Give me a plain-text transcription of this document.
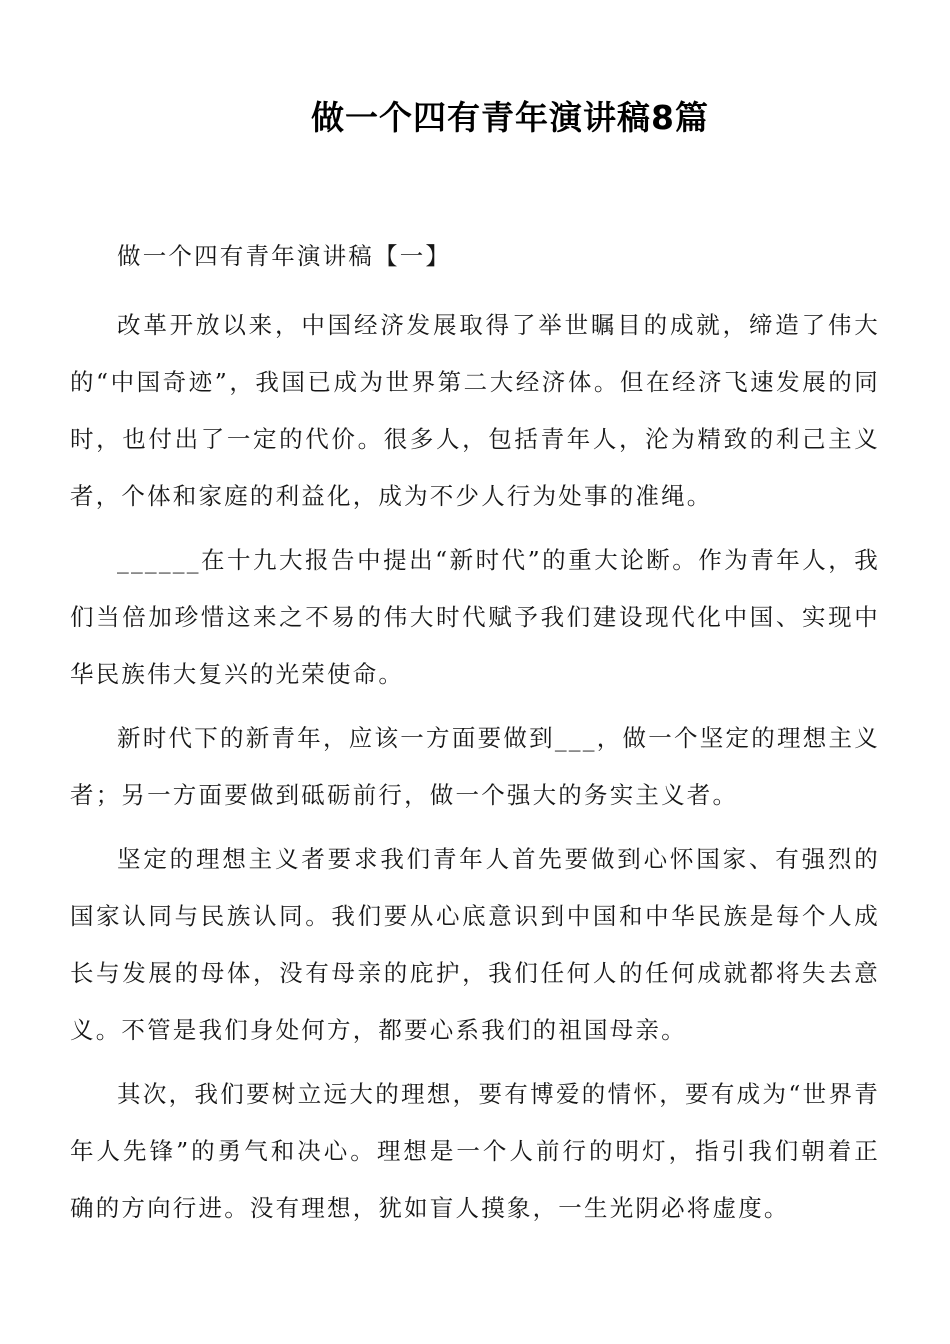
做一个四有青年演讲稿8篇

做一个四有青年演讲稿【一】

改革开放以来，中国经济发展取得了举世瞩目的成就，缔造了伟大的“中国奇迹”，我国已成为世界第二大经济体。但在经济飞速发展的同时，也付出了一定的代价。很多人，包括青年人，沦为精致的利己主义者，个体和家庭的利益化，成为不少人行为处事的准绳。

______在十九大报告中提出“新时代”的重大论断。作为青年人，我们当倍加珍惜这来之不易的伟大时代赋予我们建设现代化中国、实现中华民族伟大复兴的光荣使命。

新时代下的新青年，应该一方面要做到___，做一个坚定的理想主义者；另一方面要做到砥砺前行，做一个强大的务实主义者。

坚定的理想主义者要求我们青年人首先要做到心怀国家、有强烈的国家认同与民族认同。我们要从心底意识到中国和中华民族是每个人成长与发展的母体，没有母亲的庇护，我们任何人的任何成就都将失去意义。不管是我们身处何方，都要心系我们的祖国母亲。

其次，我们要树立远大的理想，要有博爱的情怀，要有成为“世界青年人先锋”的勇气和决心。理想是一个人前行的明灯，指引我们朝着正确的方向行进。没有理想，犹如盲人摸象，一生光阴必将虚度。
